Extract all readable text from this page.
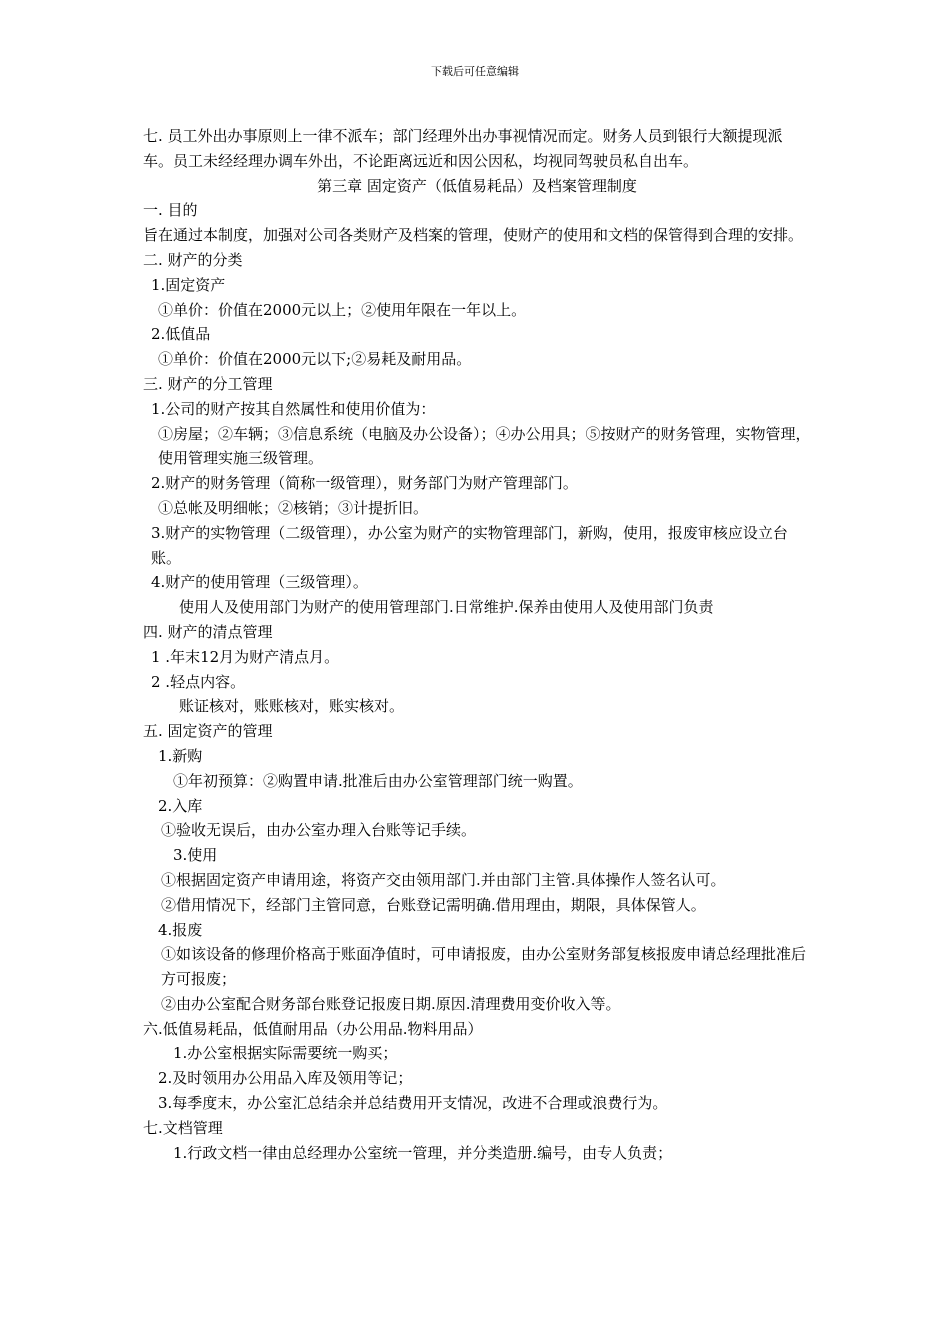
下载后可任意编辑
七. 员工外出办事原则上一律不派车；部门经理外出办事视情况而定。财务人员到银行大额提现派车。员工未经经理办调车外出，不论距离远近和因公因私，均视同驾驶员私自出车。
第三章 固定资产（低值易耗品）及档案管理制度
一. 目的
旨在通过本制度，加强对公司各类财产及档案的管理，使财产的使用和文档的保管得到合理的安排。
二. 财产的分类
1.固定资产
①单价：价值在2000元以上；②使用年限在一年以上。
2.低值品
①单价：价值在2000元以下;②易耗及耐用品。
三. 财产的分工管理
1.公司的财产按其自然属性和使用价值为：
①房屋；②车辆；③信息系统（电脑及办公设备）；④办公用具；⑤按财产的财务管理，实物管理，使用管理实施三级管理。
2.财产的财务管理（简称一级管理），财务部门为财产管理部门。
①总帐及明细帐；②核销；③计提折旧。
3.财产的实物管理（二级管理），办公室为财产的实物管理部门，新购，使用，报废审核应设立台账。
4.财产的使用管理（三级管理）。
使用人及使用部门为财产的使用管理部门.日常维护.保养由使用人及使用部门负责
四. 财产的清点管理
1 .年末12月为财产清点月。
2 .轻点内容。
账证核对，账账核对，账实核对。
五. 固定资产的管理
1.新购
①年初预算：②购置申请.批准后由办公室管理部门统一购置。
2.入库
①验收无误后，由办公室办理入台账等记手续。
3.使用
①根据固定资产申请用途，将资产交由领用部门.并由部门主管.具体操作人签名认可。
②借用情况下，经部门主管同意，台账登记需明确.借用理由，期限，具体保管人。
4.报废
①如该设备的修理价格高于账面净值时，可申请报废，由办公室财务部复核报废申请总经理批准后方可报废；
②由办公室配合财务部台账登记报废日期.原因.清理费用变价收入等。
六.低值易耗品，低值耐用品（办公用品.物料用品）
1.办公室根据实际需要统一购买；
2.及时领用办公用品入库及领用等记；
3.每季度末，办公室汇总结余并总结费用开支情况，改进不合理或浪费行为。
七.文档管理
1.行政文档一律由总经理办公室统一管理，并分类造册.编号，由专人负责；
